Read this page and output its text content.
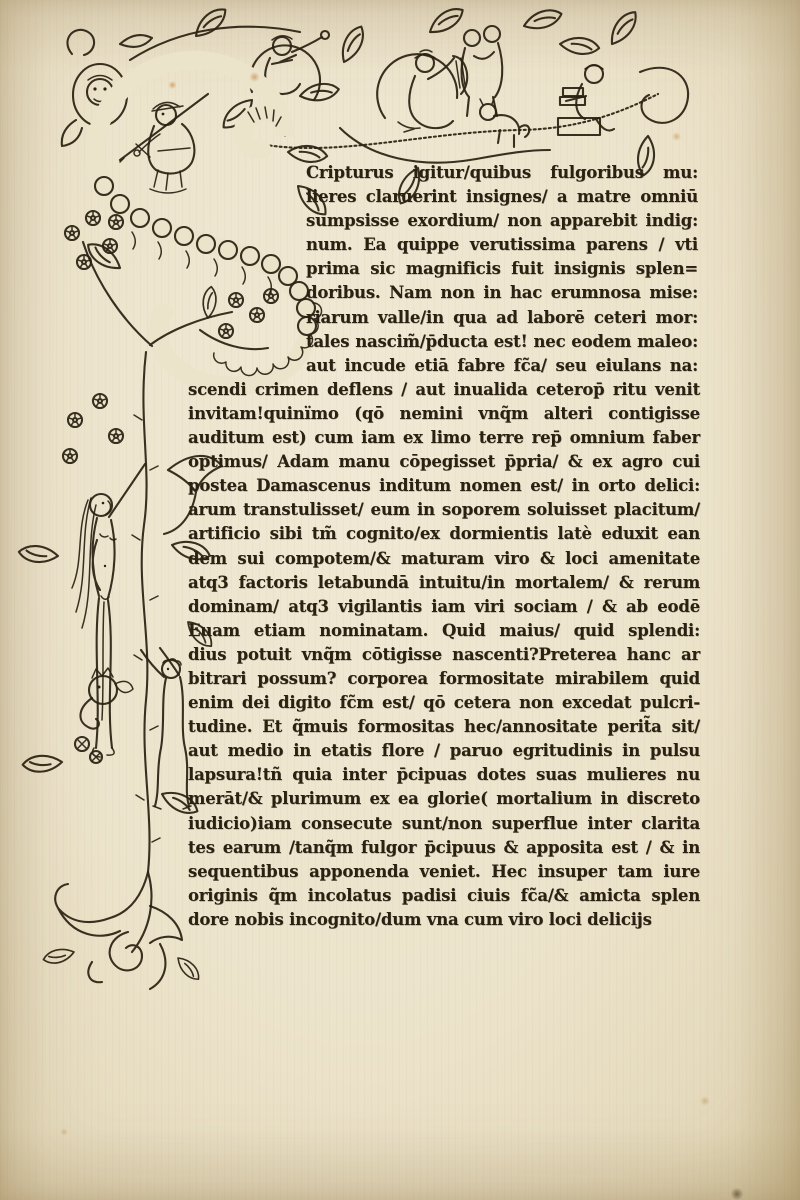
Cripturus igitur/quibus fulgoribus mu:
lieres claruerint insignes/ a matre omniū
sumpsisse exordium/ non apparebit indig:
num. Ea quippe verutissima parens / vti
prima sic magnificis fuit insignis splen=
doribus. Nam non in hac erumnosa mise:
riarum valle/in qua ad laborē ceteri mor:
tales nascim̃/p̄ducta est! nec eodem maleo:
aut incude etiā fabre fc̃a/ seu eiulans na:
scendi crimen deflens / aut inualida ceterop̄ ritu venit
invitam!quinïmo (qō nemini vnq̃m alteri contigisse
auditum est) cum iam ex limo terre rep̄ omnium faber
optimus/ Adam manu cōpegisset p̄pria/ & ex agro cui
postea Damascenus inditum nomen est/ in orto delici:
arum transtulisset/ eum in soporem soluisset placitum/
artificio sibi tm̃ cognito/ex dormientis latè eduxit ean
dem sui compotem/& maturam viro & loci amenitate
atq3 factoris letabundā intuitu/in mortalem/ & rerum
dominam/ atq3 vigilantis iam viri sociam / & ab eodē
Euam etiam nominatam. Quid maius/ quid splendi:
dius potuit vnq̃m cōtigisse nascenti?Preterea hanc ar
bitrari possum? corporea formositate mirabilem quid
enim dei digito fc̃m est/ qō cetera non excedat pulcri-
tudine. Et q̃muis formositas hec/annositate perit̃a sit/
aut medio in etatis flore / paruo egritudinis in pulsu
lapsura!tñ quia inter p̄cipuas dotes suas mulieres nu
merāt/& plurimum ex ea glorie( mortalium in discreto
iudicio)iam consecute sunt/non superflue inter clarita
tes earum /tanq̃m fulgor p̄cipuus & apposita est / & in
sequentibus apponenda veniet. Hec insuper tam iure
originis q̃m incolatus padisi ciuis fc̃a/& amicta splen
dore nobis incognito/dum vna cum viro loci delicijs
